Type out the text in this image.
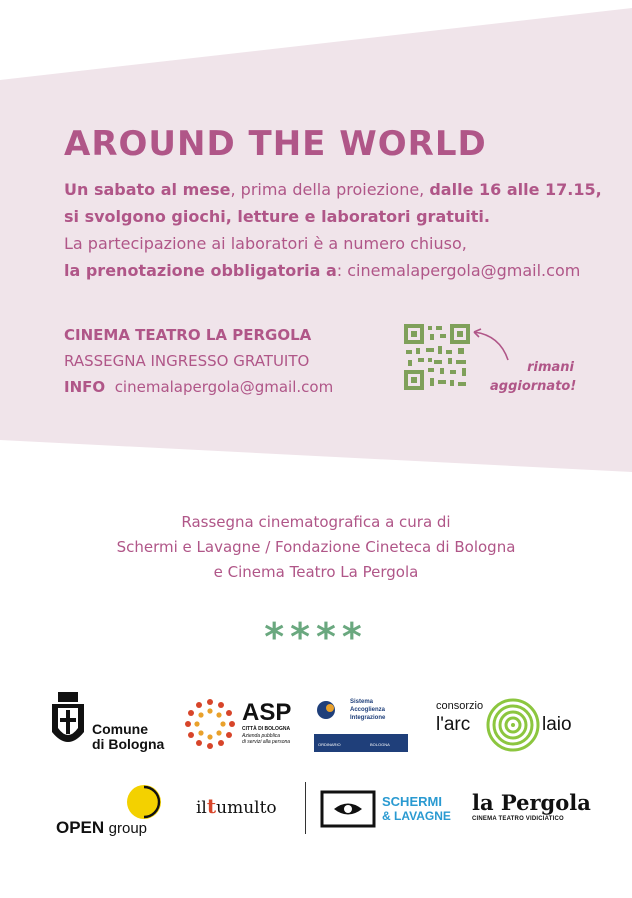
AROUND THE WORLD
Un sabato al mese, prima della proiezione, dalle 16 alle 17.15, si svolgono giochi, letture e laboratori gratuiti.
La partecipazione ai laboratori è a numero chiuso,
la prenotazione obbligatoria a: cinemalapergola@gmail.com
CINEMA TEATRO LA PERGOLA
RASSEGNA INGRESSO GRATUITO
INFO cinemalapergola@gmail.com
rimani
aggiornato!
Rassegna cinematografica a cura di
Schermi e Lavagne / Fondazione Cineteca di Bologna
e Cinema Teatro La Pergola
****
Comune
di Bologna
ASP
CITTÀ DI BOLOGNA
Azienda pubblica
di servizi alla persona
Sistema
Accoglienza
Integrazione
ORDINARIO	BOLOGNA
consorzio
l'arc	laio
OPEN group
iltumulto	SCHERMI
& LAVAGNE
la Pergola
CINEMA TEATRO VIDICIATICO
